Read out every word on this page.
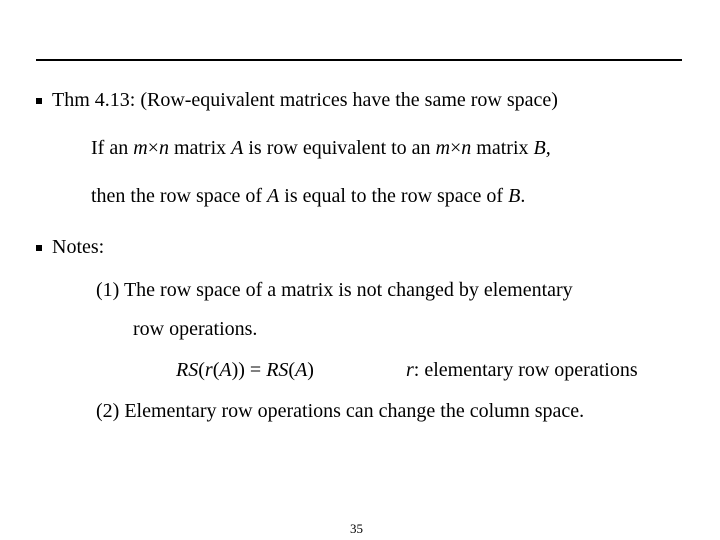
Thm 4.13: (Row-equivalent matrices have the same row space)
If an m×n matrix A is row equivalent to an m×n matrix B,
then the row space of A is equal to the row space of B.
Notes:
(1) The row space of a matrix is not changed by elementary
row operations.
RS(r(A)) = RS(A)	r: elementary row operations
(2) Elementary row operations can change the column space.
35
